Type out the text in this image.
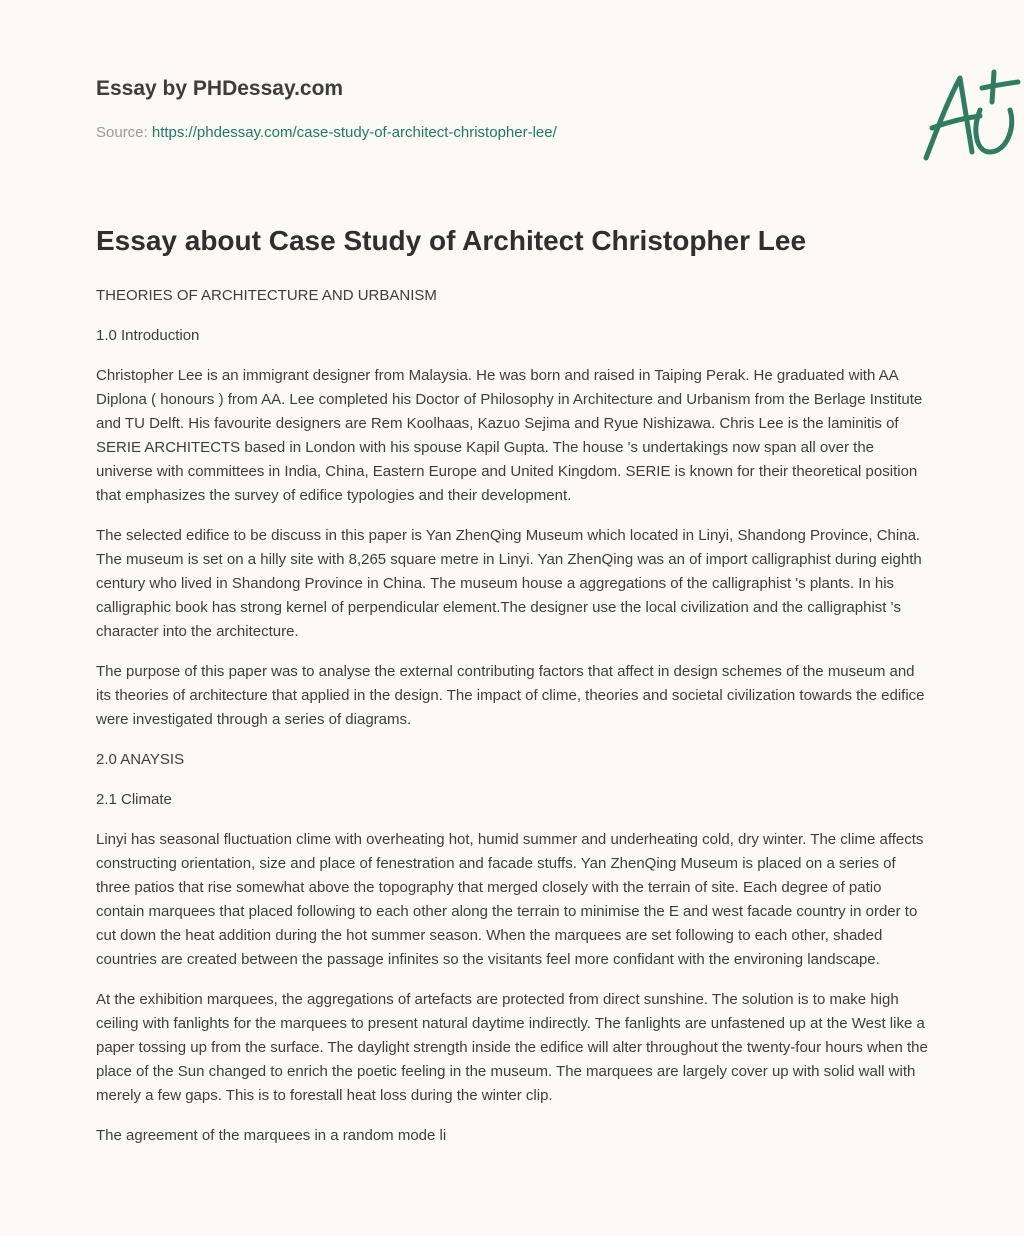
Essay by PHDessay.com
Source: https://phdessay.com/case-study-of-architect-christopher-lee/
Essay about Case Study of Architect Christopher Lee

THEORIES OF ARCHITECTURE AND URBANISM

1.0 Introduction

Christopher Lee is an immigrant designer from Malaysia. He was born and raised in Taiping Perak. He graduated with AA Diplona ( honours ) from AA. Lee completed his Doctor of Philosophy in Architecture and Urbanism from the Berlage Institute and TU Delft. His favourite designers are Rem Koolhaas, Kazuo Sejima and Ryue Nishizawa. Chris Lee is the laminitis of SERIE ARCHITECTS based in London with his spouse Kapil Gupta. The house 's undertakings now span all over the universe with committees in India, China, Eastern Europe and United Kingdom. SERIE is known for their theoretical position that emphasizes the survey of edifice typologies and their development.

The selected edifice to be discuss in this paper is Yan ZhenQing Museum which located in Linyi, Shandong Province, China. The museum is set on a hilly site with 8,265 square metre in Linyi. Yan ZhenQing was an of import calligraphist during eighth century who lived in Shandong Province in China. The museum house a aggregations of the calligraphist 's plants. In his calligraphic book has strong kernel of perpendicular element.The designer use the local civilization and the calligraphist 's character into the architecture.

The purpose of this paper was to analyse the external contributing factors that affect in design schemes of the museum and its theories of architecture that applied in the design. The impact of clime, theories and societal civilization towards the edifice were investigated through a series of diagrams.

2.0 ANAYSIS

2.1 Climate

Linyi has seasonal fluctuation clime with overheating hot, humid summer and underheating cold, dry winter. The clime affects constructing orientation, size and place of fenestration and facade stuffs. Yan ZhenQing Museum is placed on a series of three patios that rise somewhat above the topography that merged closely with the terrain of site. Each degree of patio contain marquees that placed following to each other along the terrain to minimise the E and west facade country in order to cut down the heat addition during the hot summer season. When the marquees are set following to each other, shaded countries are created between the passage infinites so the visitants feel more confidant with the environing landscape.

At the exhibition marquees, the aggregations of artefacts are protected from direct sunshine. The solution is to make high ceiling with fanlights for the marquees to present natural daytime indirectly. The fanlights are unfastened up at the West like a paper tossing up from the surface. The daylight strength inside the edifice will alter throughout the twenty-four hours when the place of the Sun changed to enrich the poetic feeling in the museum. The marquees are largely cover up with solid wall with merely a few gaps. This is to forestall heat loss during the winter clip.

The agreement of the marquees in a random mode li
